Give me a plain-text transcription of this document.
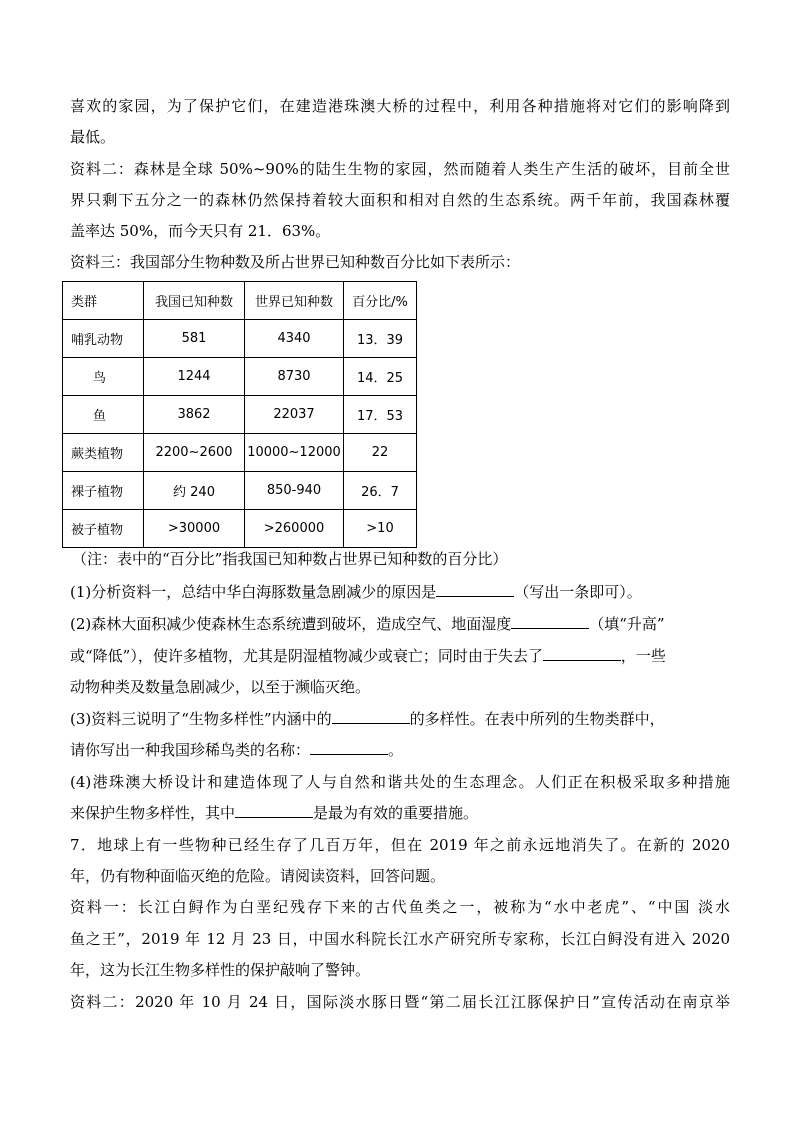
喜欢的家园，为了保护它们，在建造港珠澳大桥的过程中，利用各种措施将对它们的影响降到
最低。
资料二：森林是全球 50%~90%的陆生生物的家园，然而随着人类生产生活的破坏，目前全世
界只剩下五分之一的森林仍然保持着较大面积和相对自然的生态系统。两千年前，我国森林覆
盖率达 50%，而今天只有 21．63%。
资料三：我国部分生物种数及所占世界已知种数百分比如下表所示：
类群	我国已知种数	世界已知种数	百分比/%
哺乳动物	581	4340	13．39
鸟	1244	8730	14．25
鱼	3862	22037	17．53
蕨类植物	2200~2600	10000~12000	22
裸子植物	约 240	850-940	26．7
被子植物	>30000	>260000	>10
（注：表中的“百分比”指我国已知种数占世界已知种数的百分比）
(1)分析资料一，总结中华白海豚数量急剧减少的原因是	（写出一条即可）。
(2)森林大面积减少使森林生态系统遭到破坏，造成空气、地面湿度	（填“升高”
或“降低”），使许多植物，尤其是阴湿植物减少或衰亡；同时由于失去了	，一些
动物种类及数量急剧减少，以至于濒临灭绝。
(3)资料三说明了“生物多样性”内涵中的	的多样性。在表中所列的生物类群中，
请你写出一种我国珍稀鸟类的名称：	。
(4)港珠澳大桥设计和建造体现了人与自然和谐共处的生态理念。人们正在积极采取多种措施
来保护生物多样性，其中	是最为有效的重要措施。
7．地球上有一些物种已经生存了几百万年，但在 2019 年之前永远地消失了。在新的 2020
年，仍有物种面临灭绝的危险。请阅读资料，回答问题。
资料一：长江白鲟作为白垩纪残存下来的古代鱼类之一，被称为“水中老虎”、“中国 淡水
鱼之王”，2019 年 12 月 23 日，中国水科院长江水产研究所专家称，长江白鲟没有进入 2020
年，这为长江生物多样性的保护敲响了警钟。
资料二：2020 年 10 月 24 日，国际淡水豚日暨“第二届长江江豚保护日”宣传活动在南京举
